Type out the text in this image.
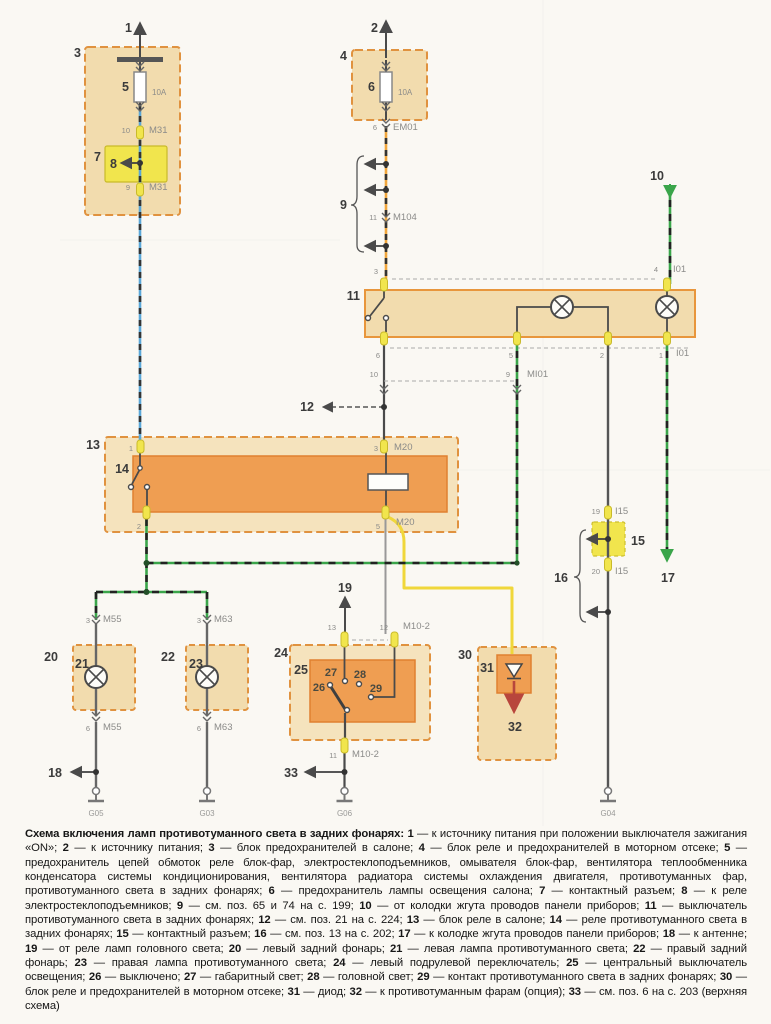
1	2
3	4
5	10A	6	10A
10 M31
7 8
9 M31
6 EM01
9
11 M104
10
3	4 I01
11
6	5	2	1 I01
10	9 MI01
12
13	1	3 M20
14
2	5 M20
19 I15
15
20 I15
16	17
19
3 M55	3 M63
20 21	22 23
6 M55	6 M63
18
13	12 M10-2
24
25 27 28
26	29
11 M10-2
33
30
31
32
G05	G03	G06	G04
Схема включения ламп противотуманного света в задних фонарях: 1 — к источнику питания при положении выключателя зажигания «ON»; 2 — к источнику питания; 3 — блок предохранителей в салоне; 4 — блок реле и предохранителей в моторном отсеке; 5 — предохранитель цепей обмоток реле блок-фар, электростеклоподъемников, омывателя блок-фар, вентилятора теплообменника конденсатора системы кондиционирования, вентилятора радиатора системы охлаждения двигателя, противотуманных фар, противотуманного света в задних фонарях; 6 — предохранитель лампы освещения салона; 7 — контактный разъем; 8 — к реле электростеклоподъемников; 9 — см. поз. 65 и 74 на с. 199; 10 — от колодки жгута проводов панели приборов; 11 — выключатель противотуманного света в задних фонарях; 12 — см. поз. 21 на с. 224; 13 — блок реле в салоне; 14 — реле противотуманного света в задних фонарях; 15 — контактный разъем; 16 — см. поз. 13 на с. 202; 17 — к колодке жгута проводов панели приборов; 18 — к антенне; 19 — от реле ламп головного света; 20 — левый задний фонарь; 21 — левая лампа противотуманного света; 22 — правый задний фонарь; 23 — правая лампа противотуманного света; 24 — левый подрулевой переключатель; 25 — центральный выключатель освещения; 26 — выключено; 27 — габаритный свет; 28 — головной свет; 29 — контакт противотуманного света в задних фонарях; 30 — блок реле и предохранителей в моторном отсеке; 31 — диод; 32 — к противотуманным фарам (опция); 33 — см. поз. 6 на с. 203 (верхняя схема)
